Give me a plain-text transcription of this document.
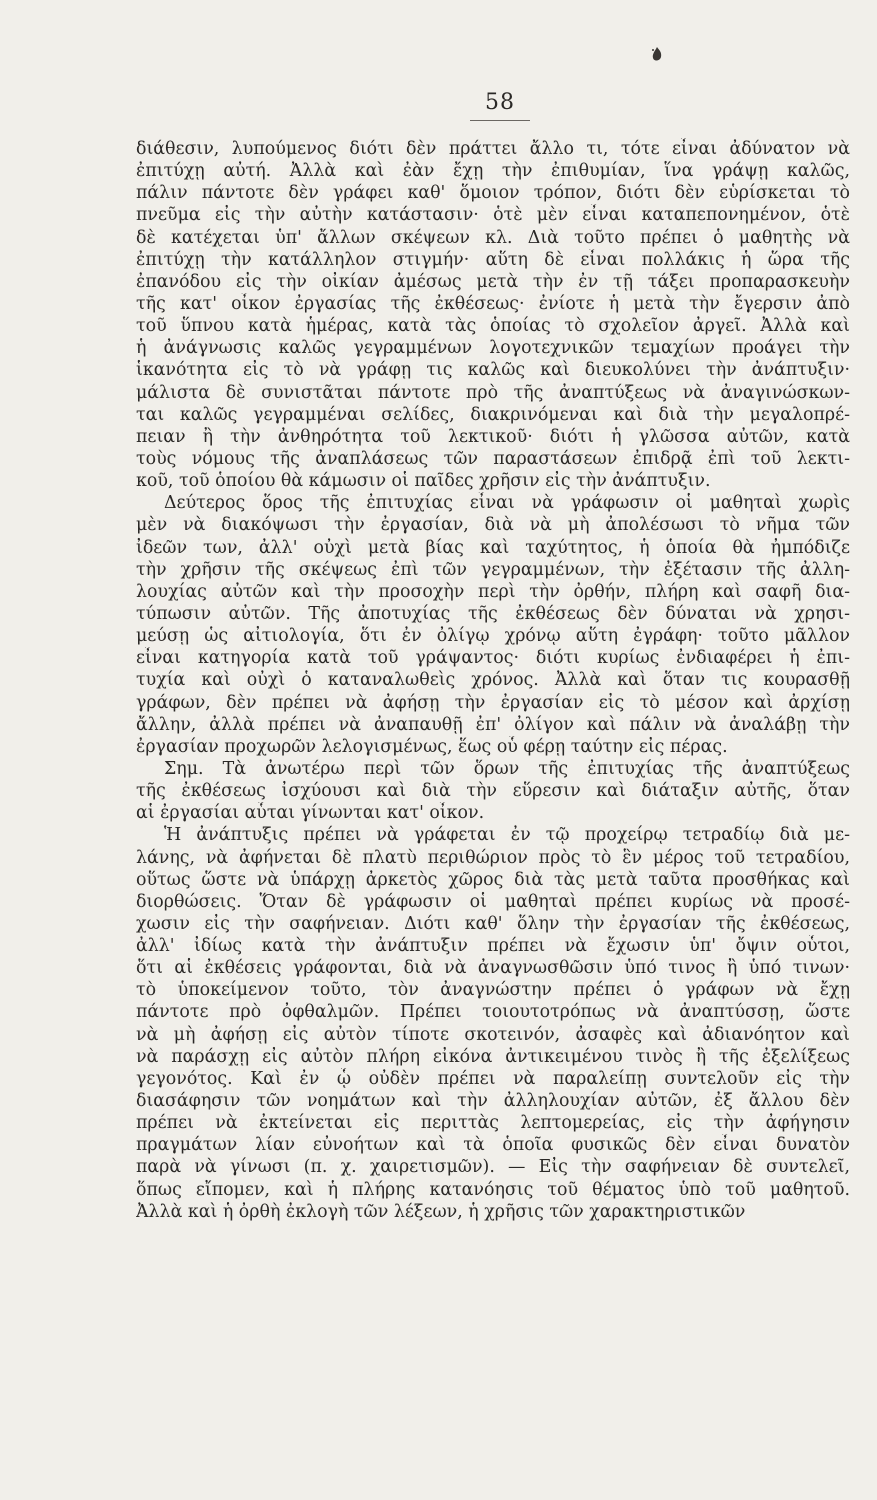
58
διάθεσιν, λυπούμενος διότι δὲν πράττει ἄλλο τι, τότε εἶναι ἀδύνατον νὰ
ἐπιτύχῃ αὐτή. Ἀλλὰ καὶ ἐὰν ἔχῃ τὴν ἐπιθυμίαν, ἵνα γράψῃ καλῶς,
πάλιν πάντοτε δὲν γράφει καθ' ὅμοιον τρόπον, διότι δὲν εὑρίσκεται τὸ
πνεῦμα εἰς τὴν αὐτὴν κατάστασιν· ὁτὲ μὲν εἶναι καταπεπονημένον, ὁτὲ
δὲ κατέχεται ὑπ' ἄλλων σκέψεων κλ. Διὰ τοῦτο πρέπει ὁ μαθητὴς νὰ
ἐπιτύχῃ τὴν κατάλληλον στιγμήν· αὕτη δὲ εἶναι πολλάκις ἡ ὥρα τῆς
ἐπανόδου εἰς τὴν οἰκίαν ἀμέσως μετὰ τὴν ἐν τῇ τάξει προπαρασκευὴν
τῆς κατ' οἶκον ἐργασίας τῆς ἐκθέσεως· ἐνίοτε ἡ μετὰ τὴν ἔγερσιν ἀπὸ
τοῦ ὕπνου κατὰ ἡμέρας, κατὰ τὰς ὁποίας τὸ σχολεῖον ἀργεῖ. Ἀλλὰ καὶ
ἡ ἀνάγνωσις καλῶς γεγραμμένων λογοτεχνικῶν τεμαχίων προάγει τὴν
ἱκανότητα εἰς τὸ νὰ γράφῃ τις καλῶς καὶ διευκολύνει τὴν ἀνάπτυξιν·
μάλιστα δὲ συνιστᾶται πάντοτε πρὸ τῆς ἀναπτύξεως νὰ ἀναγινώσκων-
ται καλῶς γεγραμμέναι σελίδες, διακρινόμεναι καὶ διὰ τὴν μεγαλοπρέ-
πειαν ἢ τὴν ἀνθηρότητα τοῦ λεκτικοῦ· διότι ἡ γλῶσσα αὐτῶν, κατὰ
τοὺς νόμους τῆς ἀναπλάσεως τῶν παραστάσεων ἐπιδρᾷ ἐπὶ τοῦ λεκτι-
κοῦ, τοῦ ὁποίου θὰ κάμωσιν οἱ παῖδες χρῆσιν εἰς τὴν ἀνάπτυξιν.
Δεύτερος ὅρος τῆς ἐπιτυχίας εἶναι νὰ γράφωσιν οἱ μαθηταὶ χωρὶς
μὲν νὰ διακόψωσι τὴν ἐργασίαν, διὰ νὰ μὴ ἀπολέσωσι τὸ νῆμα τῶν
ἰδεῶν των, ἀλλ' οὐχὶ μετὰ βίας καὶ ταχύτητος, ἡ ὁποία θὰ ἠμπόδιζε
τὴν χρῆσιν τῆς σκέψεως ἐπὶ τῶν γεγραμμένων, τὴν ἐξέτασιν τῆς ἀλλη-
λουχίας αὐτῶν καὶ τὴν προσοχὴν περὶ τὴν ὀρθήν, πλήρη καὶ σαφῆ δια-
τύπωσιν αὐτῶν. Τῆς ἀποτυχίας τῆς ἐκθέσεως δὲν δύναται νὰ χρησι-
μεύσῃ ὡς αἰτιολογία, ὅτι ἐν ὀλίγῳ χρόνῳ αὕτη ἐγράφη· τοῦτο μᾶλλον
εἶναι κατηγορία κατὰ τοῦ γράψαντος· διότι κυρίως ἐνδιαφέρει ἡ ἐπι-
τυχία καὶ οὐχὶ ὁ καταναλωθεὶς χρόνος. Ἀλλὰ καὶ ὅταν τις κουρασθῇ
γράφων, δὲν πρέπει νὰ ἀφήσῃ τὴν ἐργασίαν εἰς τὸ μέσον καὶ ἀρχίσῃ
ἄλλην, ἀλλὰ πρέπει νὰ ἀναπαυθῇ ἐπ' ὀλίγον καὶ πάλιν νὰ ἀναλάβῃ τὴν
ἐργασίαν προχωρῶν λελογισμένως, ἕως οὗ φέρῃ ταύτην εἰς πέρας.
Σημ. Τὰ ἀνωτέρω περὶ τῶν ὅρων τῆς ἐπιτυχίας τῆς ἀναπτύξεως
τῆς ἐκθέσεως ἰσχύουσι καὶ διὰ τὴν εὕρεσιν καὶ διάταξιν αὐτῆς, ὅταν
αἱ ἐργασίαι αὗται γίνωνται κατ' οἶκον.
Ἡ ἀνάπτυξις πρέπει νὰ γράφεται ἐν τῷ προχείρῳ τετραδίῳ διὰ με-
λάνης, νὰ ἀφήνεται δὲ πλατὺ περιθώριον πρὸς τὸ ἓν μέρος τοῦ τετραδίου,
οὕτως ὥστε νὰ ὑπάρχῃ ἀρκετὸς χῶρος διὰ τὰς μετὰ ταῦτα προσθήκας καὶ
διορθώσεις. Ὅταν δὲ γράφωσιν οἱ μαθηταὶ πρέπει κυρίως νὰ προσέ-
χωσιν εἰς τὴν σαφήνειαν. Διότι καθ' ὅλην τὴν ἐργασίαν τῆς ἐκθέσεως,
ἀλλ' ἰδίως κατὰ τὴν ἀνάπτυξιν πρέπει νὰ ἔχωσιν ὑπ' ὄψιν οὗτοι,
ὅτι αἱ ἐκθέσεις γράφονται, διὰ νὰ ἀναγνωσθῶσιν ὑπό τινος ἢ ὑπό τινων·
τὸ ὑποκείμενον τοῦτο, τὸν ἀναγνώστην πρέπει ὁ γράφων νὰ ἔχῃ
πάντοτε πρὸ ὀφθαλμῶν. Πρέπει τοιουτοτρόπως νὰ ἀναπτύσσῃ, ὥστε
νὰ μὴ ἀφήσῃ εἰς αὐτὸν τίποτε σκοτεινόν, ἀσαφὲς καὶ ἀδιανόητον καὶ
νὰ παράσχῃ εἰς αὐτὸν πλήρη εἰκόνα ἀντικειμένου τινὸς ἢ τῆς ἐξελίξεως
γεγονότος. Καὶ ἐν ᾧ οὐδὲν πρέπει νὰ παραλείπῃ συντελοῦν εἰς τὴν
διασάφησιν τῶν νοημάτων καὶ τὴν ἀλληλουχίαν αὐτῶν, ἐξ ἄλλου δὲν
πρέπει νὰ ἐκτείνεται εἰς περιττὰς λεπτομερείας, εἰς τὴν ἀφήγησιν
πραγμάτων λίαν εὐνοήτων καὶ τὰ ὁποῖα φυσικῶς δὲν εἶναι δυνατὸν
παρὰ νὰ γίνωσι (π. χ. χαιρετισμῶν). — Εἰς τὴν σαφήνειαν δὲ συντελεῖ,
ὅπως εἴπομεν, καὶ ἡ πλήρης κατανόησις τοῦ θέματος ὑπὸ τοῦ μαθητοῦ.
Ἀλλὰ καὶ ἡ ὀρθὴ ἐκλογὴ τῶν λέξεων, ἡ χρῆσις τῶν χαρακτηριστικῶν
